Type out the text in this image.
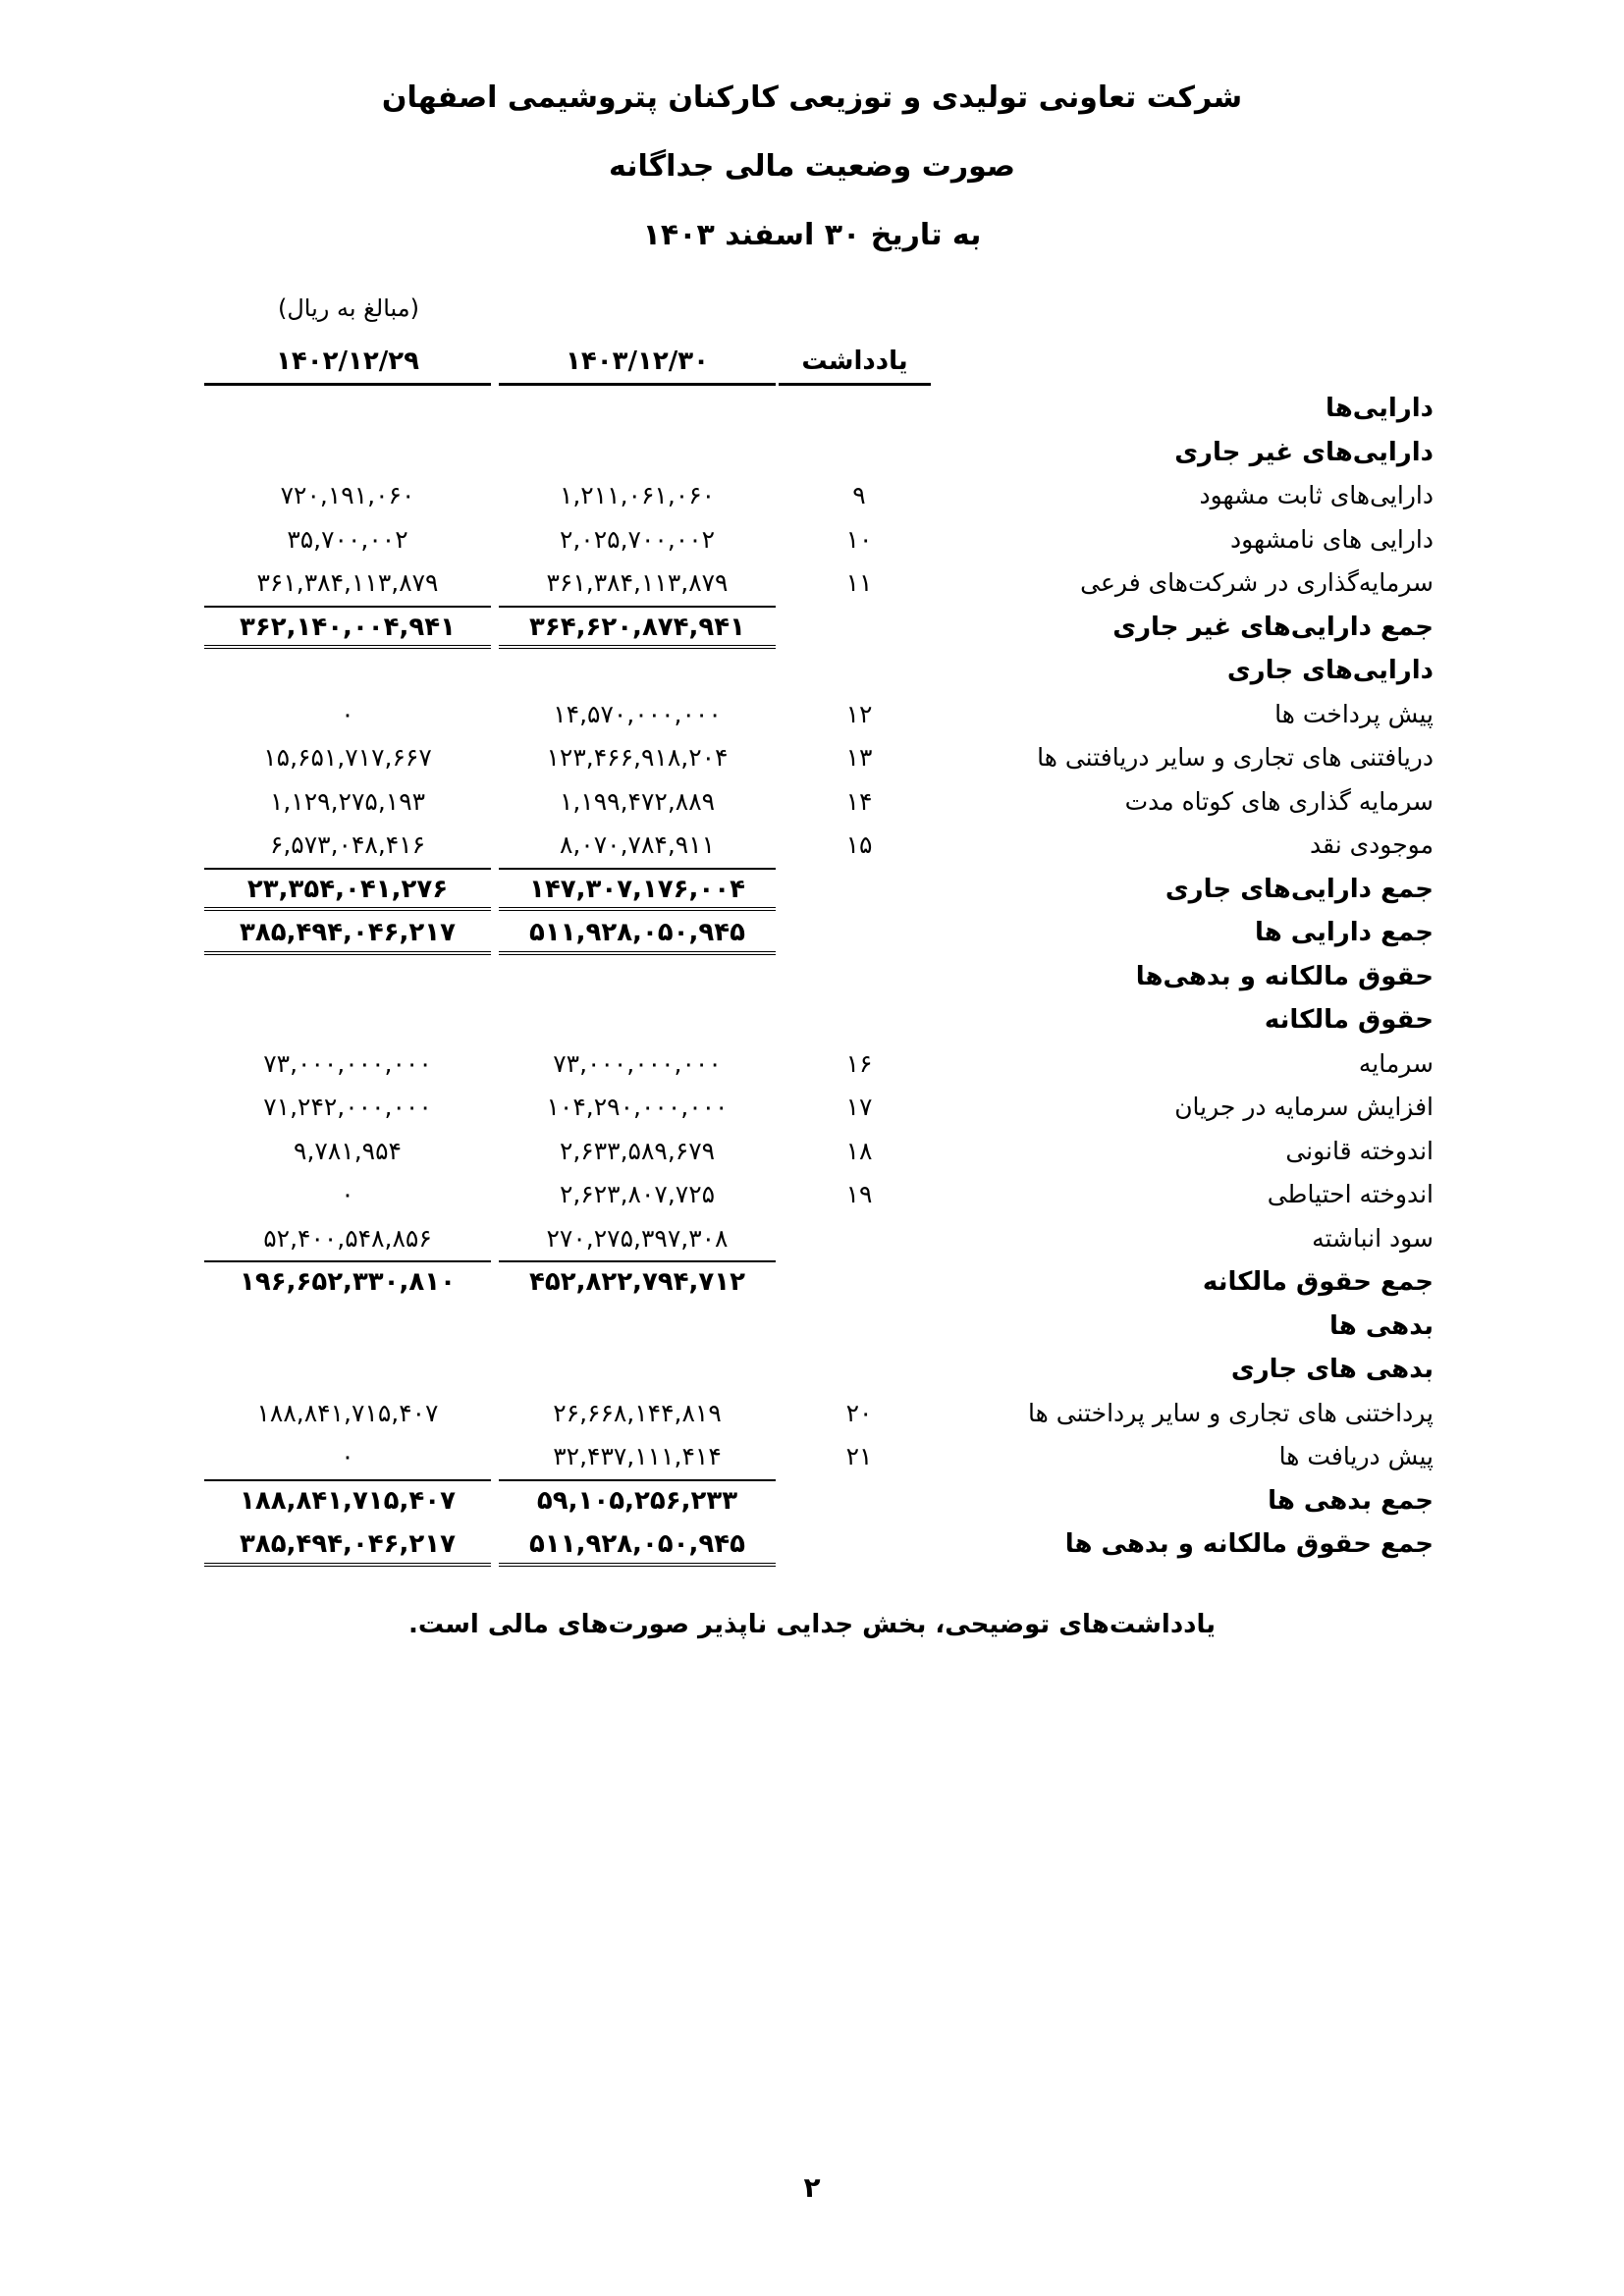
شرکت تعاونی تولیدی و توزیعی کارکنان پتروشیمی اصفهان
صورت وضعیت مالی جداگانه
به تاریخ ۳۰ اسفند ۱۴۰۳
(مبالغ به ریال)
۱۴۰۲/۱۲/۲۹	۱۴۰۳/۱۲/۳۰	یادداشت
دارایی‌ها
دارایی‌های غیر جاری
دارایی‌های ثابت مشهود
۹
۱,۲۱۱,۰۶۱,۰۶۰
۷۲۰,۱۹۱,۰۶۰
دارایی های نامشهود
۱۰
۲,۰۲۵,۷۰۰,۰۰۲
۳۵,۷۰۰,۰۰۲
سرمایه‌گذاری در شرکت‌های فرعی
۱۱
۳۶۱,۳۸۴,۱۱۳,۸۷۹
۳۶۱,۳۸۴,۱۱۳,۸۷۹
جمع دارایی‌های غیر جاری
۳۶۴,۶۲۰,۸۷۴,۹۴۱
۳۶۲,۱۴۰,۰۰۴,۹۴۱
دارایی‌های جاری
پیش پرداخت ها
۱۲
۱۴,۵۷۰,۰۰۰,۰۰۰
۰
دریافتنی های تجاری و سایر دریافتنی ها
۱۳
۱۲۳,۴۶۶,۹۱۸,۲۰۴
۱۵,۶۵۱,۷۱۷,۶۶۷
سرمایه گذاری های کوتاه مدت
۱۴
۱,۱۹۹,۴۷۲,۸۸۹
۱,۱۲۹,۲۷۵,۱۹۳
موجودی نقد
۱۵
۸,۰۷۰,۷۸۴,۹۱۱
۶,۵۷۳,۰۴۸,۴۱۶
جمع دارایی‌های جاری
۱۴۷,۳۰۷,۱۷۶,۰۰۴
۲۳,۳۵۴,۰۴۱,۲۷۶
جمع دارایی ها
۵۱۱,۹۲۸,۰۵۰,۹۴۵
۳۸۵,۴۹۴,۰۴۶,۲۱۷
حقوق مالکانه و بدهی‌ها
حقوق مالکانه
سرمایه
۱۶
۷۳,۰۰۰,۰۰۰,۰۰۰
۷۳,۰۰۰,۰۰۰,۰۰۰
افزایش سرمایه در جریان
۱۷
۱۰۴,۲۹۰,۰۰۰,۰۰۰
۷۱,۲۴۲,۰۰۰,۰۰۰
اندوخته قانونی
۱۸
۲,۶۳۳,۵۸۹,۶۷۹
۹,۷۸۱,۹۵۴
اندوخته احتیاطی
۱۹
۲,۶۲۳,۸۰۷,۷۲۵
۰
سود انباشته
۲۷۰,۲۷۵,۳۹۷,۳۰۸
۵۲,۴۰۰,۵۴۸,۸۵۶
جمع حقوق مالکانه
۴۵۲,۸۲۲,۷۹۴,۷۱۲
۱۹۶,۶۵۲,۳۳۰,۸۱۰
بدهی ها
بدهی های جاری
پرداختنی های تجاری و سایر پرداختنی ها
۲۰
۲۶,۶۶۸,۱۴۴,۸۱۹
۱۸۸,۸۴۱,۷۱۵,۴۰۷
پیش دریافت ها
۲۱
۳۲,۴۳۷,۱۱۱,۴۱۴
۰
جمع بدهی ها
۵۹,۱۰۵,۲۵۶,۲۳۳
۱۸۸,۸۴۱,۷۱۵,۴۰۷
جمع حقوق مالکانه و بدهی ها
۵۱۱,۹۲۸,۰۵۰,۹۴۵
۳۸۵,۴۹۴,۰۴۶,۲۱۷
یادداشت‌های توضیحی، بخش جدایی ناپذیر صورت‌های مالی است.
۲
